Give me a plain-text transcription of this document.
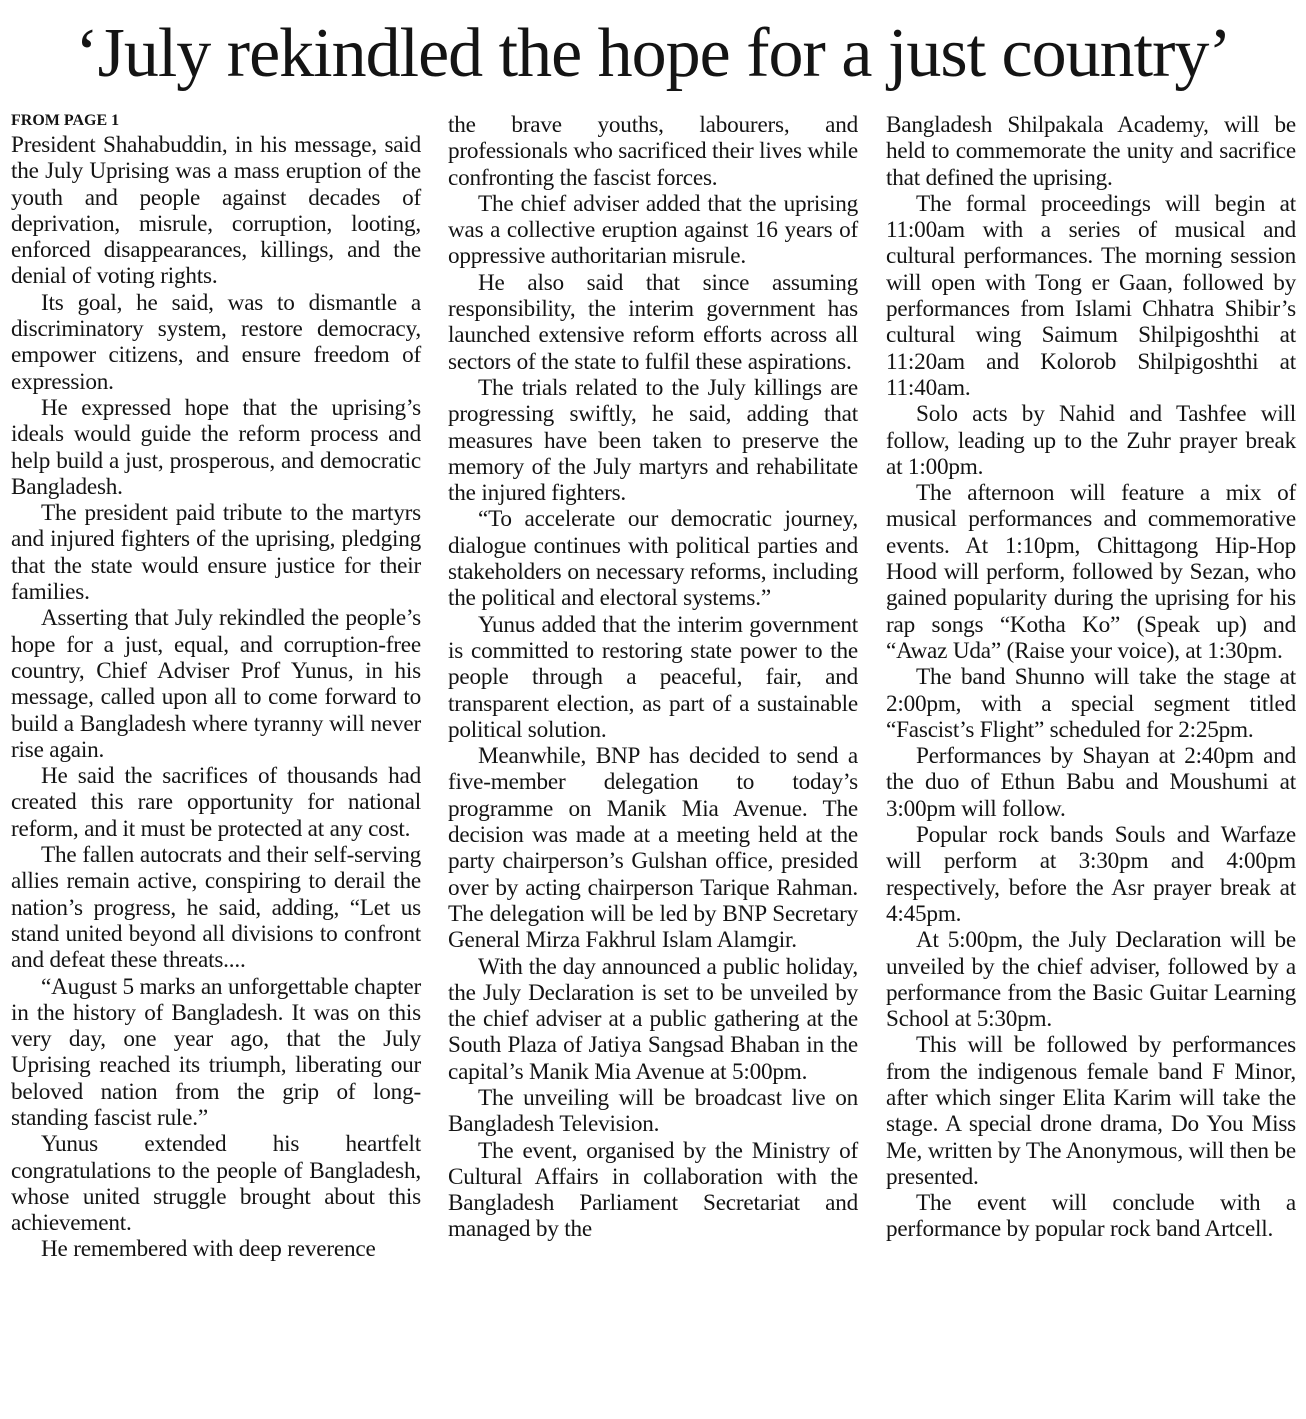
‘July rekindled the hope for a just country’
FROM PAGE 1

President Shahabuddin, in his message, said the July Uprising was a mass eruption of the youth and people against decades of deprivation, misrule, corruption, looting, enforced disappearances, killings, and the denial of voting rights.

Its goal, he said, was to dismantle a discriminatory system, restore democracy, empower citizens, and ensure freedom of expression.

He expressed hope that the uprising’s ideals would guide the reform process and help build a just, prosperous, and democratic Bangladesh.

The president paid tribute to the martyrs and injured fighters of the uprising, pledging that the state would ensure justice for their families.

Asserting that July rekindled the people’s hope for a just, equal, and corruption-free country, Chief Adviser Prof Yunus, in his message, called upon all to come forward to build a Bangladesh where tyranny will never rise again.

He said the sacrifices of thousands had created this rare opportunity for national reform, and it must be protected at any cost.

The fallen autocrats and their self-serving allies remain active, conspiring to derail the nation’s progress, he said, adding, “Let us stand united beyond all divisions to confront and defeat these threats....

“August 5 marks an unforgettable chapter in the history of Bangladesh. It was on this very day, one year ago, that the July Uprising reached its triumph, liberating our beloved nation from the grip of long-standing fascist rule.”

Yunus extended his heartfelt congratulations to the people of Bangladesh, whose united struggle brought about this achievement.

He remembered with deep reverence

the brave youths, labourers, and professionals who sacrificed their lives while confronting the fascist forces.

The chief adviser added that the uprising was a collective eruption against 16 years of oppressive authoritarian misrule.

He also said that since assuming responsibility, the interim government has launched extensive reform efforts across all sectors of the state to fulfil these aspirations.

The trials related to the July killings are progressing swiftly, he said, adding that measures have been taken to preserve the memory of the July martyrs and rehabilitate the injured fighters.

“To accelerate our democratic journey, dialogue continues with political parties and stakeholders on necessary reforms, including the political and electoral systems.”

Yunus added that the interim government is committed to restoring state power to the people through a peaceful, fair, and transparent election, as part of a sustainable political solution.

Meanwhile, BNP has decided to send a five-member delegation to today’s programme on Manik Mia Avenue. The decision was made at a meeting held at the party chairperson’s Gulshan office, presided over by acting chairperson Tarique Rahman. The delegation will be led by BNP Secretary General Mirza Fakhrul Islam Alamgir.

With the day announced a public holiday, the July Declaration is set to be unveiled by the chief adviser at a public gathering at the South Plaza of Jatiya Sangsad Bhaban in the capital’s Manik Mia Avenue at 5:00pm.

The unveiling will be broadcast live on Bangladesh Television.

The event, organised by the Ministry of Cultural Affairs in collaboration with the Bangladesh Parliament Secretariat and managed by the

Bangladesh Shilpakala Academy, will be held to commemorate the unity and sacrifice that defined the uprising.

The formal proceedings will begin at 11:00am with a series of musical and cultural performances. The morning session will open with Tong er Gaan, followed by performances from Islami Chhatra Shibir’s cultural wing Saimum Shilpigoshthi at 11:20am and Kolorob Shilpigoshthi at 11:40am.

Solo acts by Nahid and Tashfee will follow, leading up to the Zuhr prayer break at 1:00pm.

The afternoon will feature a mix of musical performances and commemorative events. At 1:10pm, Chittagong Hip-Hop Hood will perform, followed by Sezan, who gained popularity during the uprising for his rap songs “Kotha Ko” (Speak up) and “Awaz Uda” (Raise your voice), at 1:30pm.

The band Shunno will take the stage at 2:00pm, with a special segment titled “Fascist’s Flight” scheduled for 2:25pm.

Performances by Shayan at 2:40pm and the duo of Ethun Babu and Moushumi at 3:00pm will follow.

Popular rock bands Souls and Warfaze will perform at 3:30pm and 4:00pm respectively, before the Asr prayer break at 4:45pm.

At 5:00pm, the July Declaration will be unveiled by the chief adviser, followed by a performance from the Basic Guitar Learning School at 5:30pm.

This will be followed by performances from the indigenous female band F Minor, after which singer Elita Karim will take the stage. A special drone drama, Do You Miss Me, written by The Anonymous, will then be presented.

The event will conclude with a performance by popular rock band Artcell.
